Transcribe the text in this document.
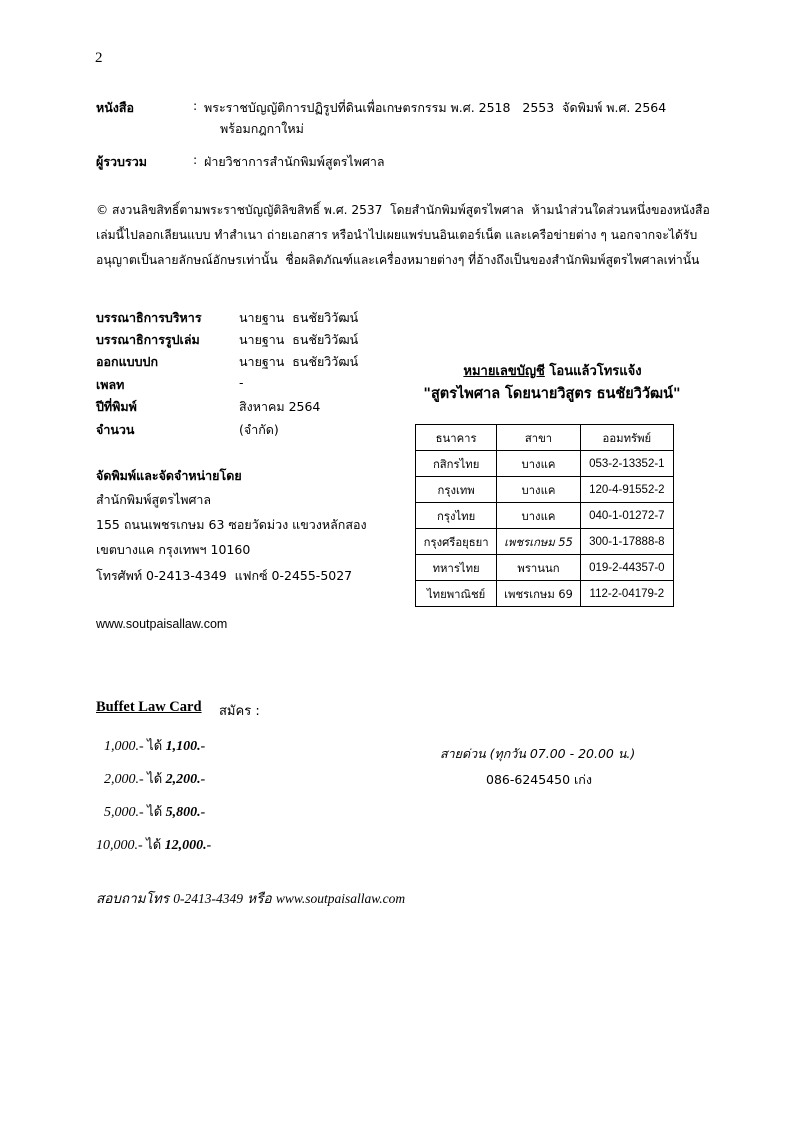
2
หนังสือ	: พระราชบัญญัติการปฏิรูปที่ดินเพื่อเกษตรกรรม พ.ศ. 2518   2553  จัดพิมพ์ พ.ศ. 2564
พร้อมกฎกาใหม่
ผู้รวบรวม	: ฝ่ายวิชาการสำนักพิมพ์สูตรไพศาล
© สงวนลิขสิทธิ์ตามพระราชบัญญัติลิขสิทธิ์ พ.ศ. 2537  โดยสำนักพิมพ์สูตรไพศาล  ห้ามนำส่วนใดส่วนหนึ่งของหนังสือ
เล่มนี้ไปลอกเลียนแบบ ทำสำเนา ถ่ายเอกสาร หรือนำไปเผยแพร่บนอินเตอร์เน็ต และเครือข่ายต่าง ๆ นอกจากจะได้รับ
อนุญาตเป็นลายลักษณ์อักษรเท่านั้น  ชื่อผลิตภัณฑ์และเครื่องหมายต่างๆ ที่อ้างถึงเป็นของสำนักพิมพ์สูตรไพศาลเท่านั้น
บรรณาธิการบริหาร	นายฐาน  ธนชัยวิวัฒน์
บรรณาธิการรูปเล่ม	นายฐาน  ธนชัยวิวัฒน์
ออกแบบปก	นายฐาน  ธนชัยวิวัฒน์
เพลท	-
ปีที่พิมพ์	สิงหาคม 2564
จำนวน	(จำกัด)
จัดพิมพ์และจัดจำหน่ายโดย
สำนักพิมพ์สูตรไพศาล
155 ถนนเพชรเกษม 63 ซอยวัดม่วง แขวงหลักสอง
เขตบางแค กรุงเทพฯ 10160
โทรศัพท์ 0-2413-4349  แฟกซ์ 0-2455-5027
www.soutpaisallaw.com
หมายเลขบัญชี โอนแล้วโทรแจ้ง
"สูตรไพศาล โดยนายวิสูตร ธนชัยวิวัฒน์"
ธนาคาร	สาขา	ออมทรัพย์
กสิกรไทย	บางแค	053-2-13352-1
กรุงเทพ	บางแค	120-4-91552-2
กรุงไทย	บางแค	040-1-01272-7
กรุงศรีอยุธยา	เพชรเกษม 55	300-1-17888-8
ทหารไทย	พรานนก	019-2-44357-0
ไทยพาณิชย์	เพชรเกษม 69	112-2-04179-2
Buffet Law Card สมัคร :
1,000.- ได้ 1,100.-
2,000.- ได้ 2,200.-
5,000.- ได้ 5,800.-
10,000.- ได้ 12,000.-
สายด่วน (ทุกวัน 07.00 - 20.00 น.)
086-6245450 เก่ง
สอบถามโทร 0-2413-4349 หรือ www.soutpaisallaw.com
